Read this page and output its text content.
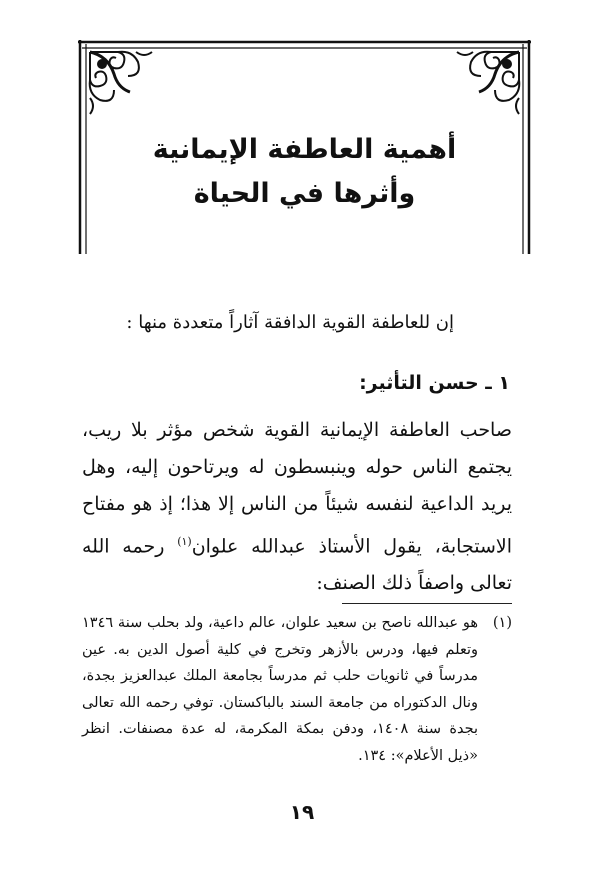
أهمية العاطفة الإيمانية
وأثرها في الحياة
إن للعاطفة القوية الدافقة آثاراً متعددة منها :
١ ـ حسن التأثير:
صاحب العاطفة الإيمانية القوية شخص مؤثر بلا ريب، يجتمع الناس حوله وينبسطون له ويرتاحون إليه، وهل يريد الداعية لنفسه شيئاً من الناس إلا هذا؛ إذ هو مفتاح الاستجابة، يقول الأستاذ عبدالله علوان$^{(١)}$ رحمه الله تعالى واصفاً ذلك الصنف:
(١)
هو عبدالله ناصح بن سعيد علوان، عالم داعية، ولد بحلب سنة ١٣٤٦ وتعلم فيها، ودرس بالأزهر وتخرج في كلية أصول الدين به. عين مدرساً في ثانويات حلب ثم مدرساً بجامعة الملك عبدالعزيز بجدة، ونال الدكتوراه من جامعة السند بالباكستان. توفي رحمه الله تعالى بجدة سنة ١٤٠٨، ودفن بمكة المكرمة، له عدة مصنفات. انظر «ذيل الأعلام»: ١٣٤.
١٩
